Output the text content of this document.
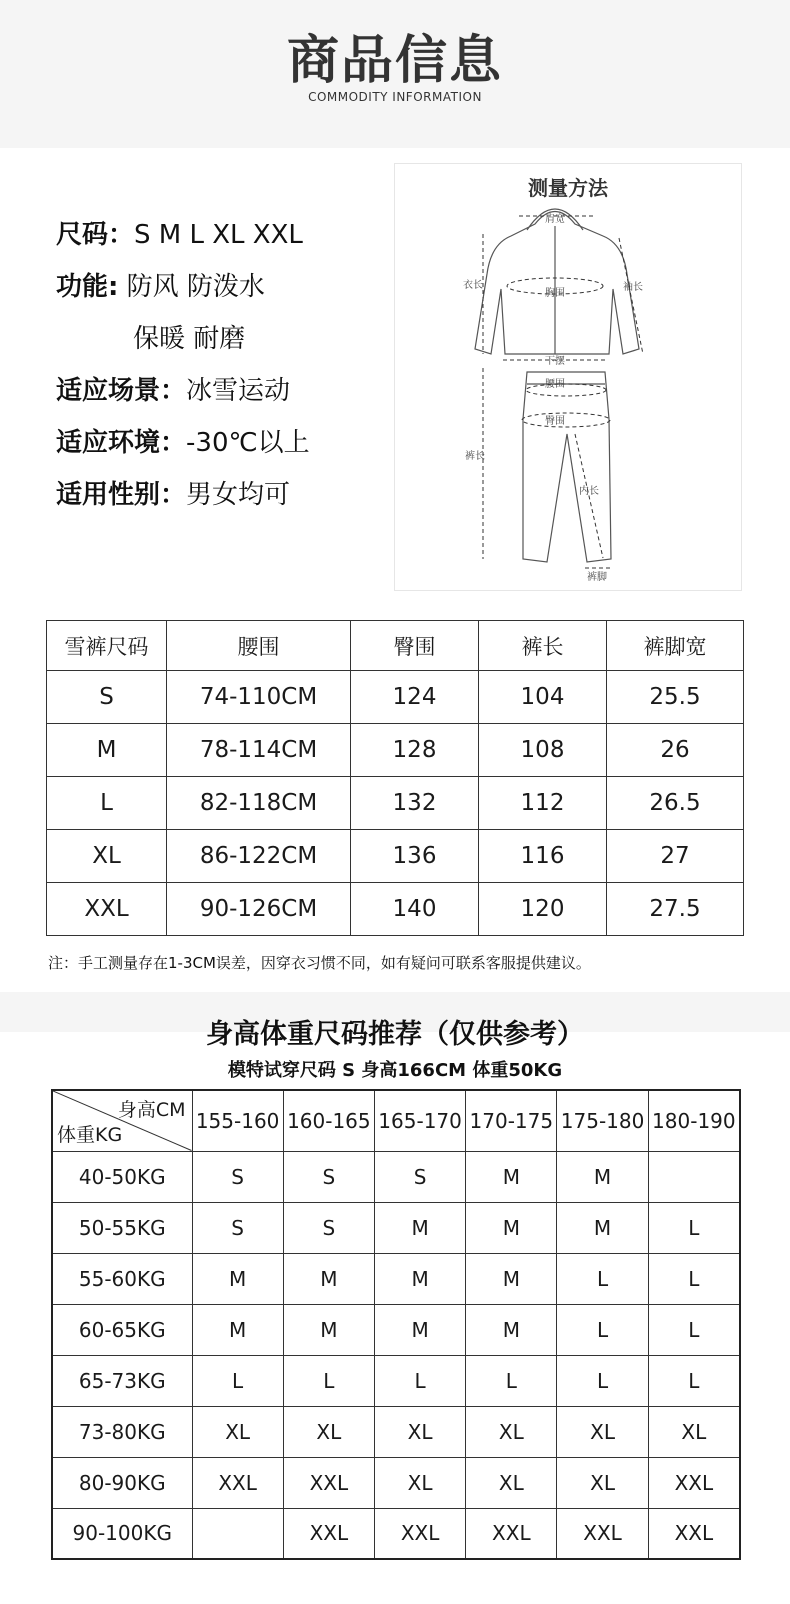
商品信息
COMMODITY INFORMATION
尺码：S M L XL XXL
功能: 防风 防泼水
保暖 耐磨
适应场景：冰雪运动
适应环境：-30℃以上
适用性别：男女均可
测量方法
肩宽
衣长
胸围
袖长
下摆
腰围
臀围
裤长
内长
裤脚
雪裤尺码	腰围	臀围	裤长	裤脚宽
S	74-110CM	124	104	25.5
M	78-114CM	128	108	26
L	82-118CM	132	112	26.5
XL	86-122CM	136	116	27
XXL	90-126CM	140	120	27.5
注：手工测量存在1-3CM误差，因穿衣习惯不同，如有疑问可联系客服提供建议。
身高体重尺码推荐（仅供参考）
模特试穿尺码 S 身高166CM 体重50KG
身高CM
体重KG	155-160	160-165	165-170	170-175	175-180	180-190
40-50KG	S	S	S	M	M	
50-55KG	S	S	M	M	M	L
55-60KG	M	M	M	M	L	L
60-65KG	M	M	M	M	L	L
65-73KG	L	L	L	L	L	L
73-80KG	XL	XL	XL	XL	XL	XL
80-90KG	XXL	XXL	XL	XL	XL	XXL
90-100KG		XXL	XXL	XXL	XXL	XXL
